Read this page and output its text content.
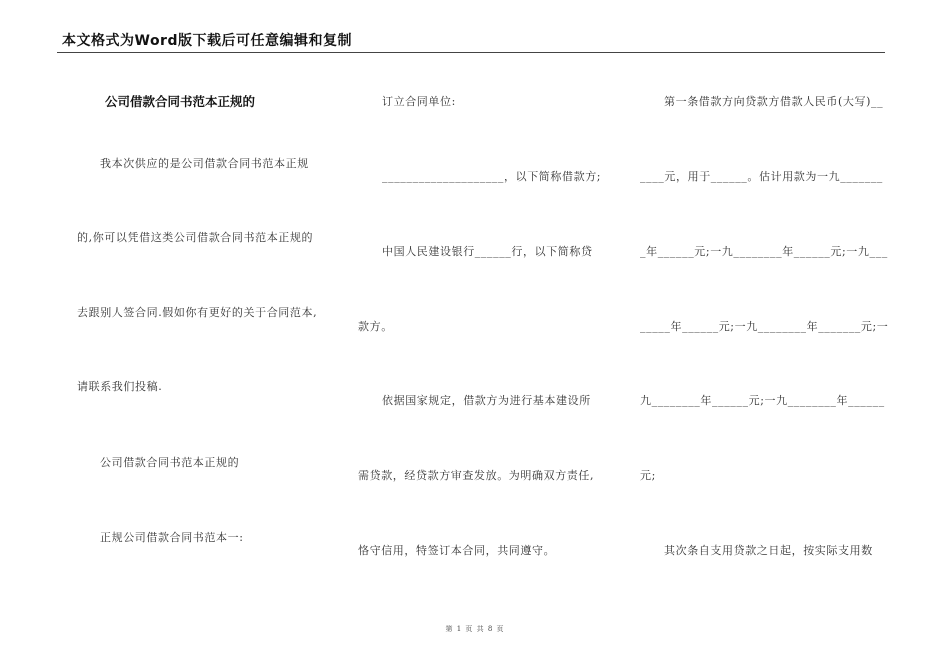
本文格式为Word版下载后可任意编辑和复制
公司借款合同书范本正规的
我本次供应的是公司借款合同书范本正规
的,你可以凭借这类公司借款合同书范本正规的
去跟别人签合同.假如你有更好的关于合同范本,
请联系我们投稿.
公司借款合同书范本正规的
正规公司借款合同书范本一:
订立合同单位:
____________________，以下简称借款方;
中国人民建设银行______行，以下简称贷
款方。
依据国家规定，借款方为进行基本建设所
需贷款，经贷款方审查发放。为明确双方责任,
恪守信用，特签订本合同，共同遵守。
第一条借款方向贷款方借款人民币(大写)__
____元，用于______。估计用款为一九_______
_年______元;一九________年______元;一九___
_____年______元;一九________年_______元;一
九________年______元;一九________年______
元;
其次条自支用贷款之日起，按实际支用数
第 1 页 共 8 页
